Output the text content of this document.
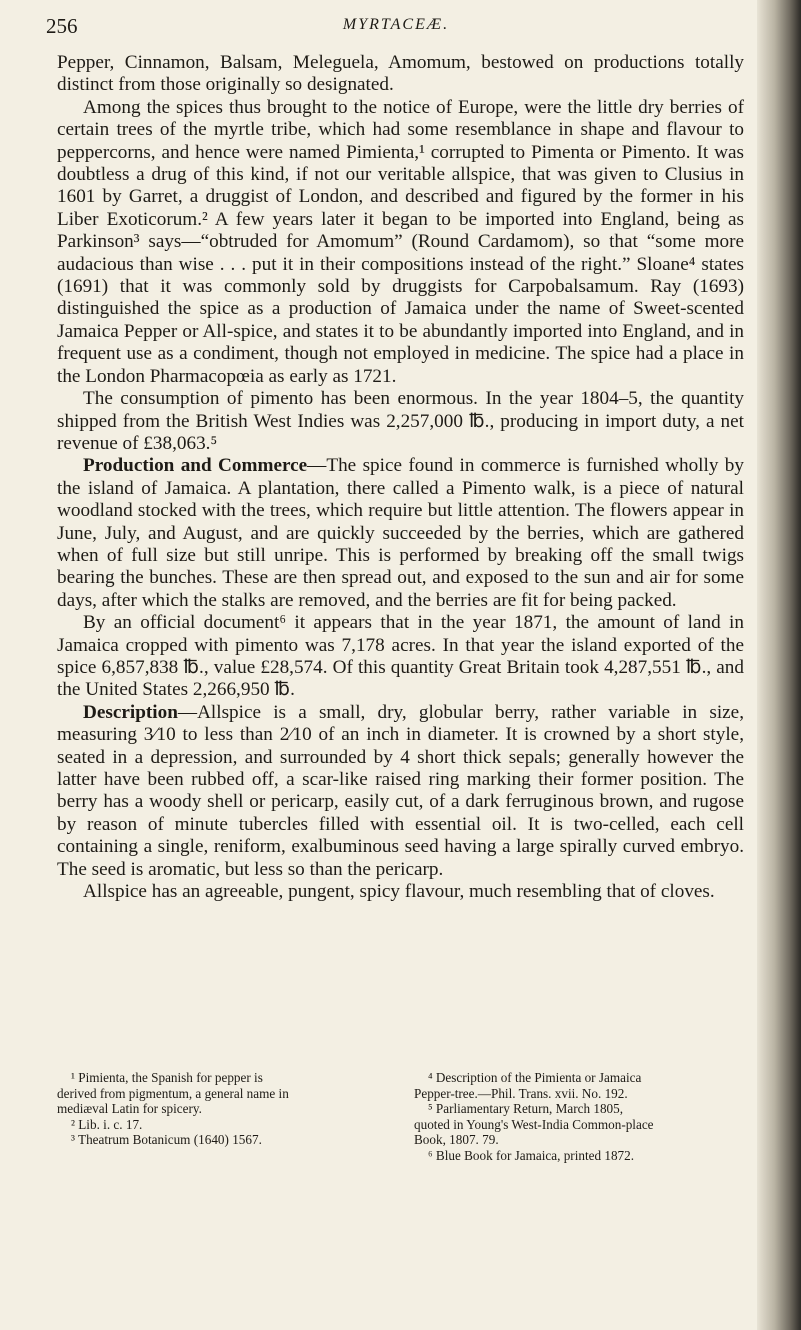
256	MYRTACEÆ.

Pepper, Cinnamon, Balsam, Meleguela, Amomum, bestowed on productions totally distinct from those originally so designated.

Among the spices thus brought to the notice of Europe, were the little dry berries of certain trees of the myrtle tribe, which had some resemblance in shape and flavour to peppercorns, and hence were named Pimienta,¹ corrupted to Pimenta or Pimento. It was doubtless a drug of this kind, if not our veritable allspice, that was given to Clusius in 1601 by Garret, a druggist of London, and described and figured by the former in his Liber Exoticorum.² A few years later it began to be imported into England, being as Parkinson³ says—“obtruded for Amomum” (Round Cardamom), so that “some more audacious than wise . . . put it in their compositions instead of the right.” Sloane⁴ states (1691) that it was commonly sold by druggists for Carpobalsamum. Ray (1693) distinguished the spice as a production of Jamaica under the name of Sweet-scented Jamaica Pepper or All-spice, and states it to be abundantly imported into England, and in frequent use as a condiment, though not employed in medicine. The spice had a place in the London Pharmacopœia as early as 1721.

The consumption of pimento has been enormous. In the year 1804–5, the quantity shipped from the British West Indies was 2,257,000 ℔., producing in import duty, a net revenue of £38,063.⁵

Production and Commerce—The spice found in commerce is furnished wholly by the island of Jamaica. A plantation, there called a Pimento walk, is a piece of natural woodland stocked with the trees, which require but little attention. The flowers appear in June, July, and August, and are quickly succeeded by the berries, which are gathered when of full size but still unripe. This is performed by breaking off the small twigs bearing the bunches. These are then spread out, and exposed to the sun and air for some days, after which the stalks are removed, and the berries are fit for being packed.

By an official document⁶ it appears that in the year 1871, the amount of land in Jamaica cropped with pimento was 7,178 acres. In that year the island exported of the spice 6,857,838 ℔., value £28,574. Of this quantity Great Britain took 4,287,551 ℔., and the United States 2,266,950 ℔.

Description—Allspice is a small, dry, globular berry, rather variable in size, measuring 3⁄10 to less than 2⁄10 of an inch in diameter. It is crowned by a short style, seated in a depression, and surrounded by 4 short thick sepals; generally however the latter have been rubbed off, a scar-like raised ring marking their former position. The berry has a woody shell or pericarp, easily cut, of a dark ferruginous brown, and rugose by reason of minute tubercles filled with essential oil. It is two-celled, each cell containing a single, reniform, exalbuminous seed having a large spirally curved embryo. The seed is aromatic, but less so than the pericarp.

Allspice has an agreeable, pungent, spicy flavour, much resembling that of cloves.

¹ Pimienta, the Spanish for pepper is

derived from pigmentum, a general name in

mediæval Latin for spicery.

² Lib. i. c. 17.

³ Theatrum Botanicum (1640) 1567.

⁴ Description of the Pimienta or Jamaica

Pepper-tree.—Phil. Trans. xvii. No. 192.

⁵ Parliamentary Return, March 1805,

quoted in Young's West-India Common-place

Book, 1807. 79.

⁶ Blue Book for Jamaica, printed 1872.
